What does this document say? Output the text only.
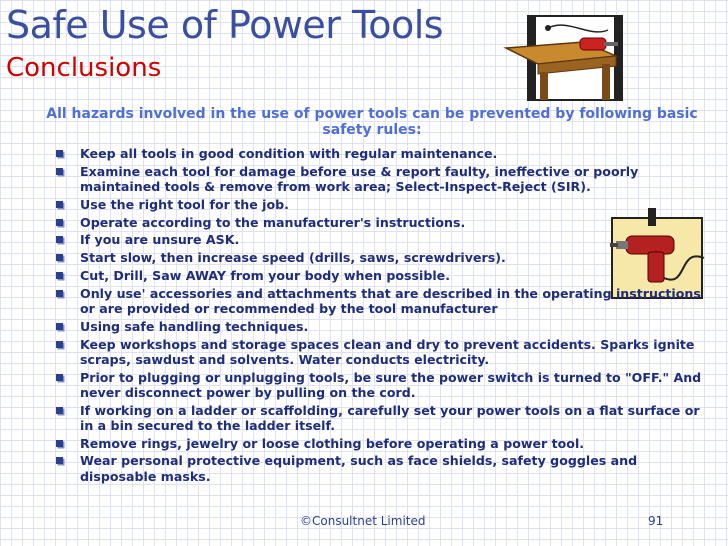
Safe Use of Power Tools
Conclusions
All hazards involved in the use of power tools can be prevented by following basic safety rules:
Keep all tools in good condition with regular maintenance.
Examine each tool for damage before use & report faulty, ineffective or poorly maintained tools & remove from work area; Select-Inspect-Reject (SIR).
Use the right tool for the job.
Operate according to the manufacturer's instructions.
If you are unsure ASK.
Start slow, then increase speed (drills, saws, screwdrivers).
Cut, Drill, Saw AWAY from your body when possible.
Only use' accessories and attachments that are described in the operating instructions or are provided or recommended by the tool manufacturer
Using safe handling techniques.
Keep workshops and storage spaces clean and dry to prevent accidents. Sparks ignite scraps, sawdust and solvents. Water conducts electricity.
Prior to plugging or unplugging tools, be sure the power switch is turned to "OFF." And never disconnect power by pulling on the cord.
If working on a ladder or scaffolding, carefully set your power tools on a flat surface or in a bin secured to the ladder itself.
Remove rings, jewelry or loose clothing before operating a power tool.
Wear personal protective equipment, such as face shields, safety goggles and disposable masks.
©Consultnet Limited	91
